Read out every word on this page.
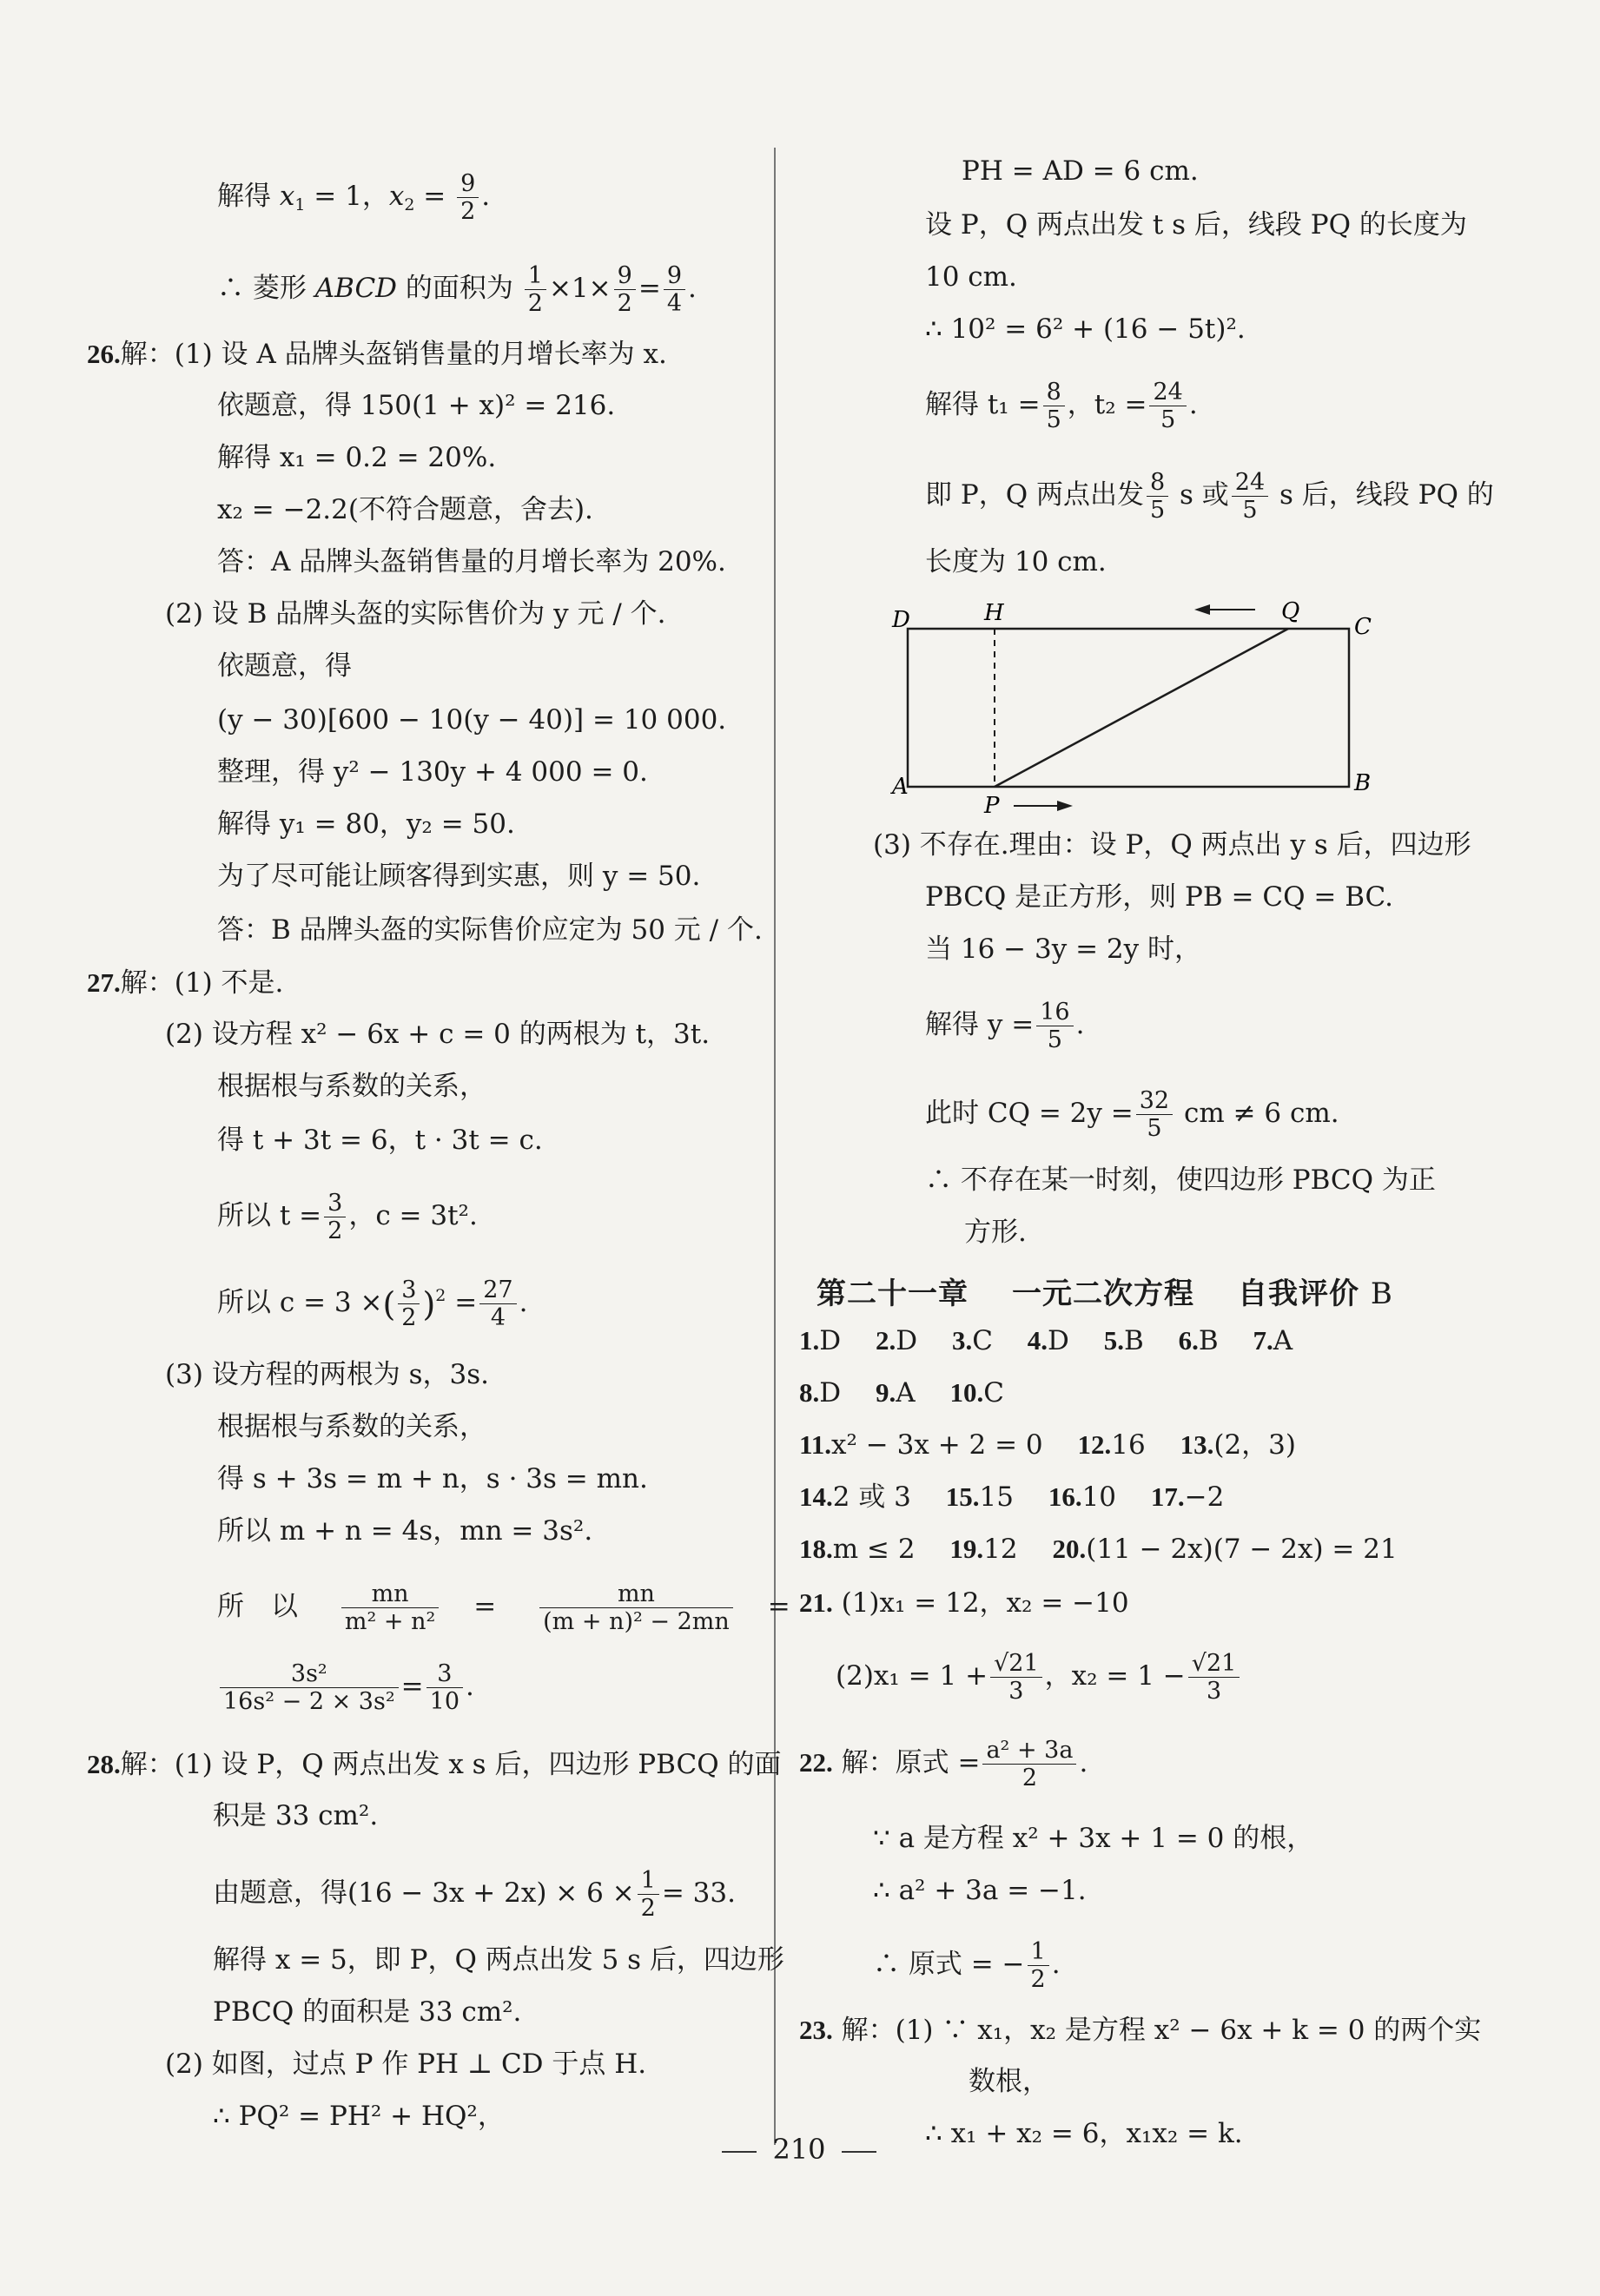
解得 $x_1 = 1$，$x_2 = \frac{9}{2}$ .
∴ 菱形 ABCD 的面积为 $\frac{1}{2} \times 1\times \frac{9}{2} = \frac{9}{4}$ .
26.解：(1) 设 A 品牌头盔销售量的月增长率为 x.
依题意，得 150(1 + x)² = 216.
解得 x₁ = 0.2 = 20%.
x₂ = −2.2(不符合题意，舍去).
答：A 品牌头盔销售量的月增长率为 20%.
(2) 设 B 品牌头盔的实际售价为 y 元 / 个.
依题意，得
(y − 30)[600 − 10(y − 40)] = 10 000.
整理，得 y² − 130y + 4 000 = 0.
解得 y₁ = 80，y₂ = 50.
为了尽可能让顾客得到实惠，则 y = 50.
答：B 品牌头盔的实际售价应定为 50 元 / 个.
27.解：(1) 不是.
(2) 设方程 x² − 6x + c = 0 的两根为 t，3t.
根据根与系数的关系，
得 t + 3t = 6，t · 3t = c.
所以 $t = \frac{3}{2}$ ，c = 3t².
所以 c = 3 ×( $\frac{3}{2} )^2 = \frac{27}{4}$ .
(3) 设方程的两根为 s，3s.
根据根与系数的关系，
得 s + 3s = m + n，s · 3s = mn.
所以 m + n = 4s，mn = 3s².
所　以 $\frac{mn}{\text{m² + n²}} = \frac{mn}{\text{(m + n)² − 2mn}}$ =
$\frac{\text{3s²}}{\text{16s² − 2 × 3s²}} = \frac{3}{10}$ .
28.解：(1) 设 P，Q 两点出发 x s 后，四边形 PBCQ 的面
积是 33 cm².
由题意，得$(16 - 3x + 2x) \times 6 \times \frac{1}{2} = 33$.
解得 x = 5，即 P，Q 两点出发 5 s 后，四边形
PBCQ 的面积是 33 cm².
(2) 如图，过点 P 作 PH ⊥ CD 于点 H.
∴ PQ² = PH² + HQ²，
PH = AD = 6 cm.
设 P，Q 两点出发 t s 后，线段 PQ 的长度为
10 cm.
∴ 10² = 6² + (16 − 5t)².
解得 $t_1 = \frac{8}{5}$ ，$t_2 = \frac{24}{5}$ .
即 P，Q 两点出发 $\frac{8}{5}$ s 或 $\frac{24}{5}$ s 后，线段 PQ 的
长度为 10 cm.
D	H	Q
C
A
P
B
(3) 不存在.理由：设 P，Q 两点出 y s 后，四边形
PBCQ 是正方形，则 PB = CQ = BC.
当 16 − 3y = 2y 时，
解得 $y = \frac{16}{5}$ .
此时 CQ = $2y = \frac{32}{5}$ cm ≠ 6 cm.
∴ 不存在某一时刻，使四边形 PBCQ 为正
方形.
第二十一章 一元二次方程 自我评价 B
1.D 2.D 3.C 4.D 5.B 6.B 7.A
8.D 9.A 10.C
11.x² − 3x + 2 = 0 12.16 13.(2，3)
14.2 或 3 15.15 16.10 17.−2
18.m ≤ 2 19.12 20.(11 − 2x)(7 − 2x) = 21
21. (1)x₁ = 12，x₂ = −10
$(2)x_1 = 1 + \frac{√21}{3}$ ，$x_2 = 1 - \frac{√21}{3}$
22. 解：原式 = $\frac{\text{a² + 3a}}{2}$ .
∵ a 是方程 x² + 3x + 1 = 0 的根，
∴ a² + 3a = −1.
∴ 原式 = − $\frac{1}{2}$ .
23. 解：(1) ∵ x₁，x₂ 是方程 x² − 6x + k = 0 的两个实
数根，
∴ x₁ + x₂ = 6，x₁x₂ = k.
210
